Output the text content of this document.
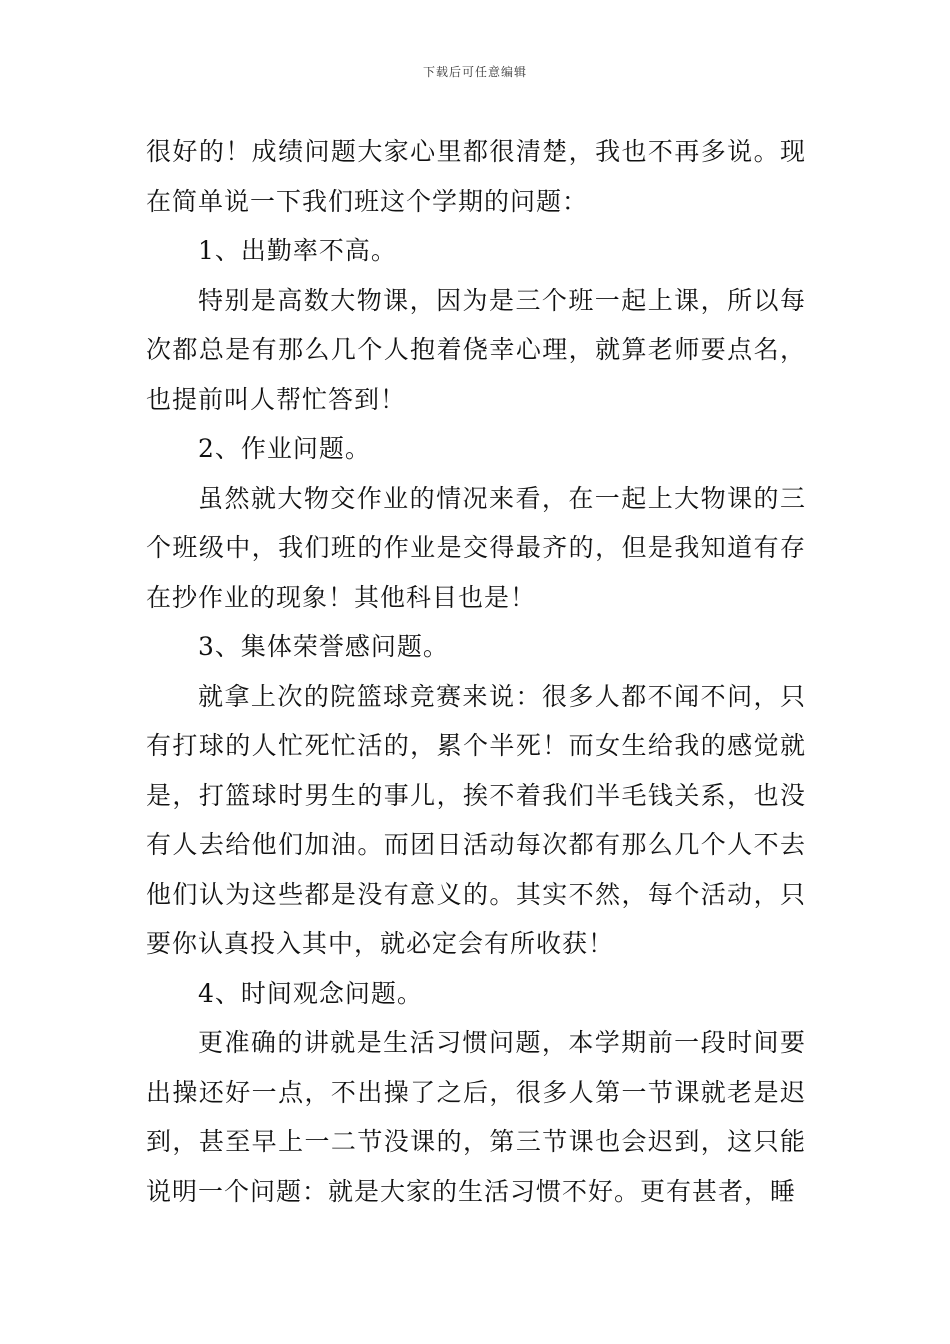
下载后可任意编辑

很好的！成绩问题大家心里都很清楚，我也不再多说。现在简单说一下我们班这个学期的问题：

1、出勤率不高。

特别是高数大物课，因为是三个班一起上课，所以每次都总是有那么几个人抱着侥幸心理，就算老师要点名，也提前叫人帮忙答到！

2、作业问题。

虽然就大物交作业的情况来看，在一起上大物课的三个班级中，我们班的作业是交得最齐的，但是我知道有存在抄作业的现象！其他科目也是！

3、集体荣誉感问题。

就拿上次的院篮球竞赛来说：很多人都不闻不问，只有打球的人忙死忙活的，累个半死！而女生给我的感觉就是，打篮球时男生的事儿，挨不着我们半毛钱关系，也没有人去给他们加油。而团日活动每次都有那么几个人不去他们认为这些都是没有意义的。其实不然，每个活动，只要你认真投入其中，就必定会有所收获！

4、时间观念问题。

更准确的讲就是生活习惯问题，本学期前一段时间要出操还好一点，不出操了之后，很多人第一节课就老是迟到，甚至早上一二节没课的，第三节课也会迟到，这只能说明一个问题：就是大家的生活习惯不好。更有甚者，睡
